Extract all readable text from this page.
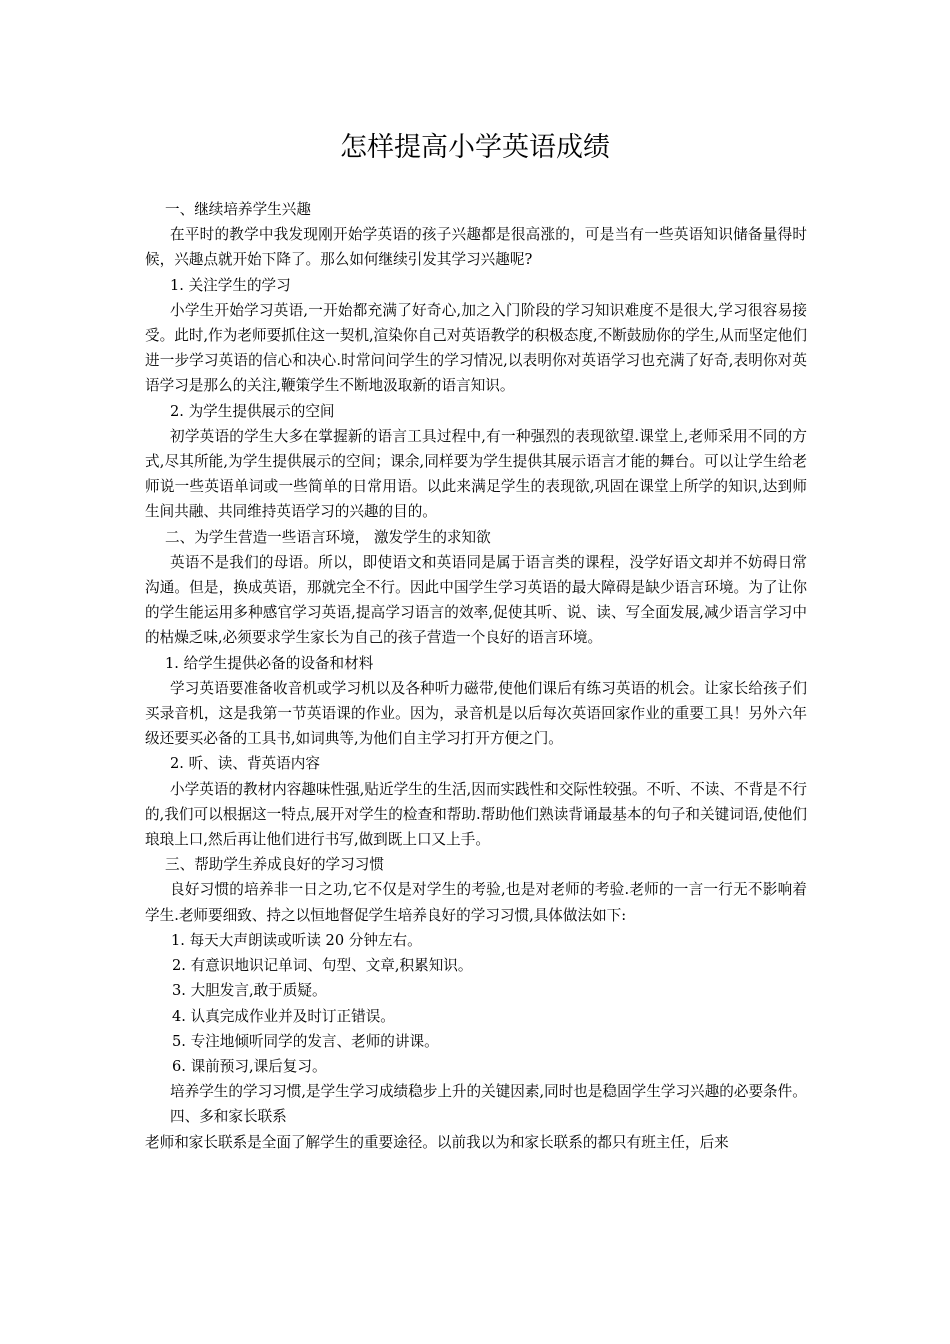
怎样提高小学英语成绩

一、继续培养学生兴趣

在平时的教学中我发现刚开始学英语的孩子兴趣都是很高涨的，可是当有一些英语知识储备量得时候，兴趣点就开始下降了。那么如何继续引发其学习兴趣呢?

1. 关注学生的学习

小学生开始学习英语,一开始都充满了好奇心,加之入门阶段的学习知识难度不是很大,学习很容易接受。此时,作为老师要抓住这一契机,渲染你自己对英语教学的积极态度,不断鼓励你的学生,从而坚定他们进一步学习英语的信心和决心.时常问问学生的学习情况,以表明你对英语学习也充满了好奇,表明你对英语学习是那么的关注,鞭策学生不断地汲取新的语言知识。

2. 为学生提供展示的空间

初学英语的学生大多在掌握新的语言工具过程中,有一种强烈的表现欲望.课堂上,老师采用不同的方式,尽其所能,为学生提供展示的空间；课余,同样要为学生提供其展示语言才能的舞台。可以让学生给老师说一些英语单词或一些简单的日常用语。以此来满足学生的表现欲,巩固在课堂上所学的知识,达到师生间共融、共同维持英语学习的兴趣的目的。

二、为学生营造一些语言环境， 激发学生的求知欲

英语不是我们的母语。所以，即使语文和英语同是属于语言类的课程，没学好语文却并不妨碍日常沟通。但是，换成英语，那就完全不行。因此中国学生学习英语的最大障碍是缺少语言环境。为了让你的学生能运用多种感官学习英语,提高学习语言的效率,促使其听、说、读、写全面发展,减少语言学习中的枯燥乏味,必须要求学生家长为自己的孩子营造一个良好的语言环境。

1. 给学生提供必备的设备和材料

学习英语要准备收音机或学习机以及各种听力磁带,使他们课后有练习英语的机会。让家长给孩子们买录音机，这是我第一节英语课的作业。因为，录音机是以后每次英语回家作业的重要工具！另外六年级还要买必备的工具书,如词典等,为他们自主学习打开方便之门。

2. 听、读、背英语内容

小学英语的教材内容趣味性强,贴近学生的生活,因而实践性和交际性较强。不听、不读、不背是不行的,我们可以根据这一特点,展开对学生的检查和帮助.帮助他们熟读背诵最基本的句子和关键词语,使他们琅琅上口,然后再让他们进行书写,做到既上口又上手。

三、帮助学生养成良好的学习习惯

良好习惯的培养非一日之功,它不仅是对学生的考验,也是对老师的考验.老师的一言一行无不影响着学生.老师要细致、持之以恒地督促学生培养良好的学习习惯,具体做法如下:

1. 每天大声朗读或听读 20 分钟左右。

2. 有意识地识记单词、句型、文章,积累知识。

3. 大胆发言,敢于质疑。

4. 认真完成作业并及时订正错误。

5. 专注地倾听同学的发言、老师的讲课。

6. 课前预习,课后复习。

培养学生的学习习惯,是学生学习成绩稳步上升的关键因素,同时也是稳固学生学习兴趣的必要条件。

四、多和家长联系

老师和家长联系是全面了解学生的重要途径。以前我以为和家长联系的都只有班主任，后来
